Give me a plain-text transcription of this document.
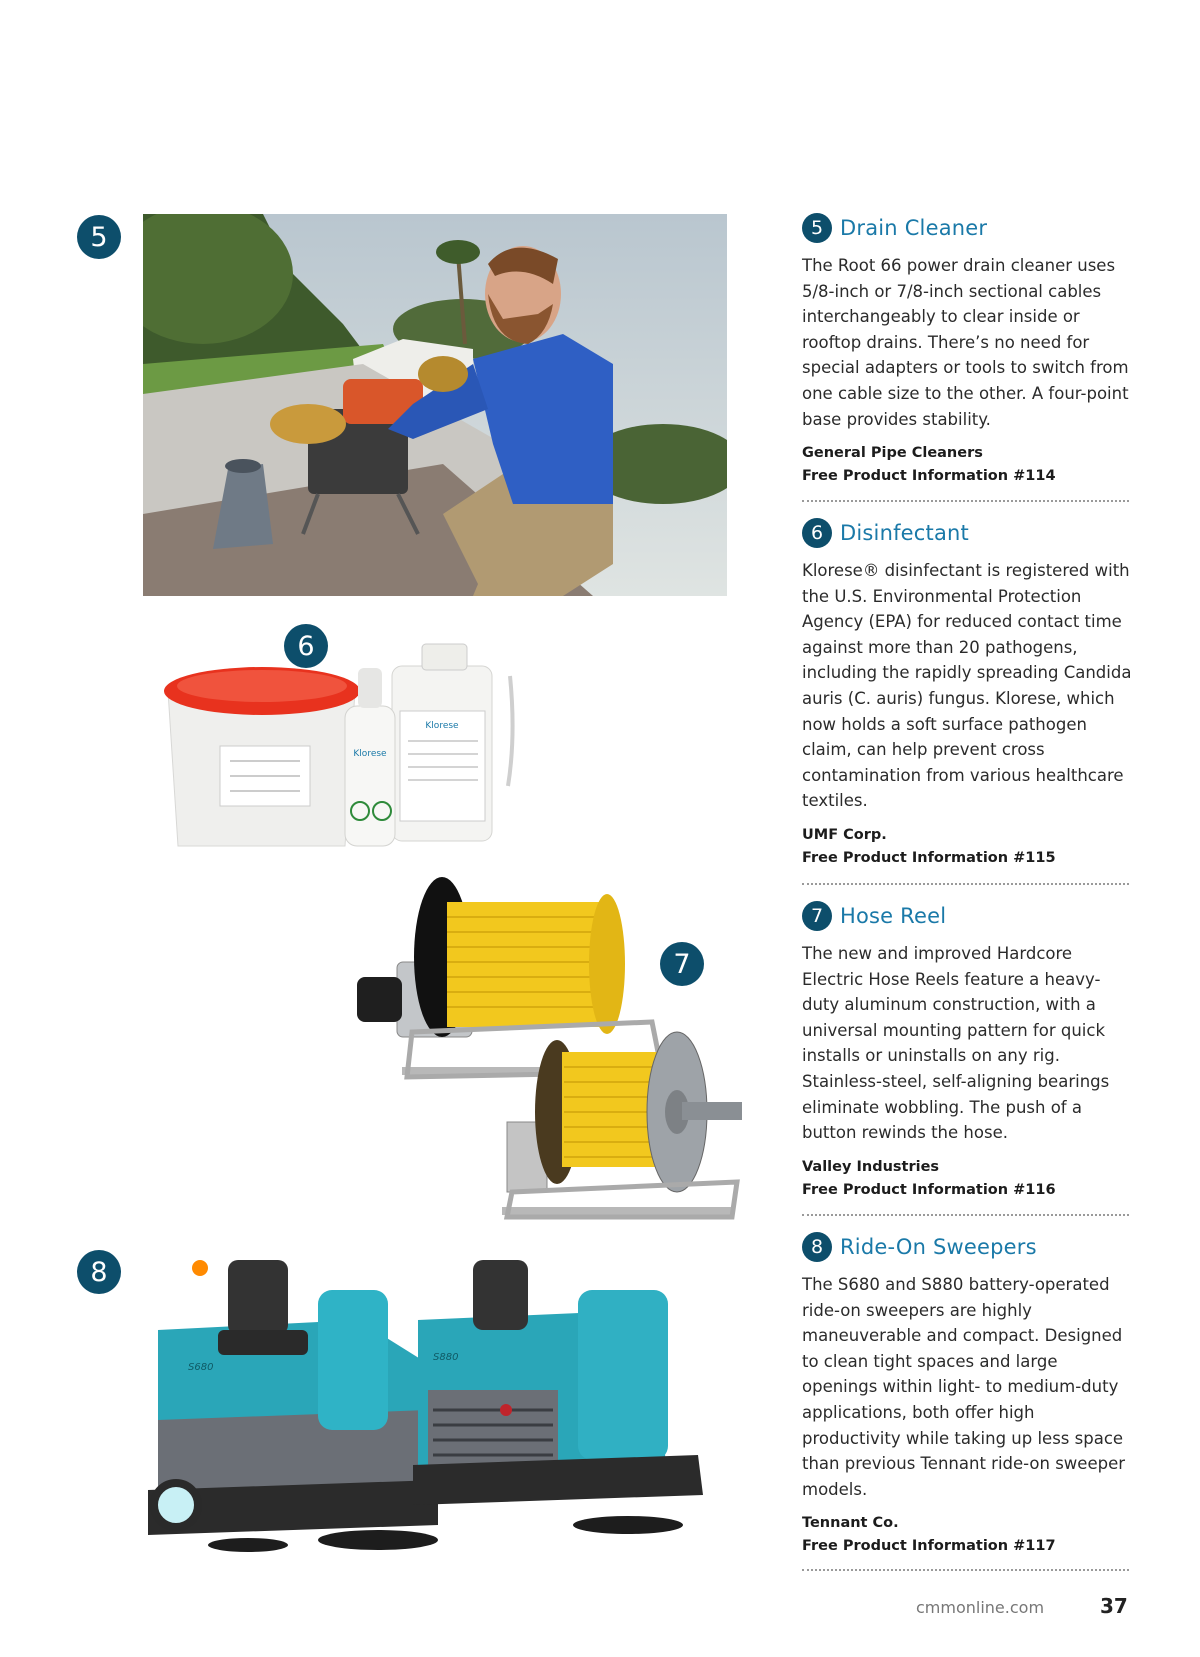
5
6
Klorese
Klorese
7
8
S680
S880
5 Drain Cleaner
The Root 66 power drain cleaner uses 5/8-inch or 7/8-inch sectional cables interchangeably to clear inside or rooftop drains. There’s no need for special adapters or tools to switch from one cable size to the other. A four-point base provides stability.
General Pipe Cleaners
Free Product Information #114
6 Disinfectant
Klorese® disinfectant is registered with the U.S. Environmental Protection Agency (EPA) for reduced contact time against more than 20 pathogens, including the rapidly spreading Candida auris (C. auris) fungus. Klorese, which now holds a soft surface pathogen claim, can help prevent cross contamination from various healthcare textiles.
UMF Corp.
Free Product Information #115
7 Hose Reel
The new and improved Hardcore Electric Hose Reels feature a heavy-duty aluminum construction, with a universal mounting pattern for quick installs or uninstalls on any rig. Stainless-steel, self-aligning bearings eliminate wobbling. The push of a button rewinds the hose.
Valley Industries
Free Product Information #116
8 Ride-On Sweepers
The S680 and S880 battery-operated ride-on sweepers are highly maneuverable and compact. Designed to clean tight spaces and large openings within light- to medium-duty applications, both offer high productivity while taking up less space than previous Tennant ride-on sweeper models.
Tennant Co.
Free Product Information #117
cmmonline.com	37
